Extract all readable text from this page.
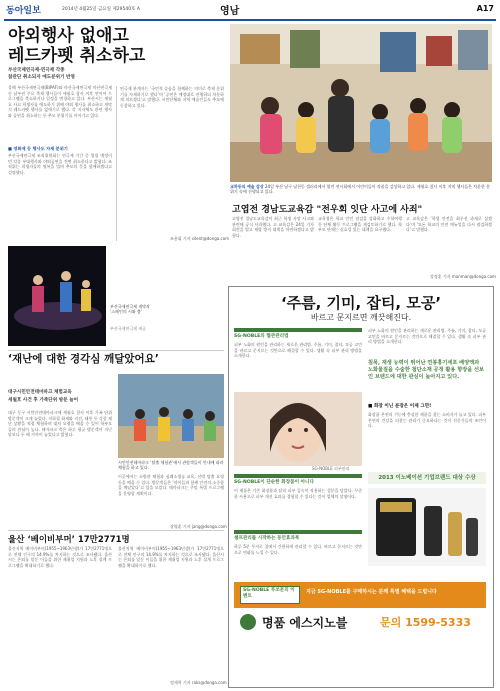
동아일보	2014년 4월25일 금요일 제29540호 A	영남	A17
야외행사 없애고
레드카펫 취소하고
부산국제연극제·연극제 각종
참관단 취소되자 애도분위기 반영
올해 부산국제연극제(BIPAF)와 마산국제연극제 마산연극제 등 남부권 주요 축제 행사들이 세월호 참사 이후 연이어 프로그램을 축소하거나 일정을 변경하고 있다. 부산시는 세월호 사고 희생자를 애도하기 위해 야외 행사를 취소하고 개막식 레드카펫 행사를 없애기로 했다. 각 지자체도 관련 행사와 공연을 취소하는 등 추모 분위기를 이어가고 있다.
■ 영화제 등 행사도 자제 분위기
부산국제연극제 조직위원회는 연극제 기간 중 열릴 예정이던 각종 부대행사와 야외공연을 전면 취소한다고 밝혔다. 조직위는 희생자들의 명복을 빌며 추모의 뜻을 함께하겠다고 설명했다.
연극제 관계자는 ‘국민적 슬픔을 함께하는 의미로 축제 분위기를 자제하기로 했다’며 ‘공연은 예정대로 진행하되 차분하게 치르겠다’고 말했다. 시민단체와 지역 예술인들도 추모에 동참하고 있다.
조용휘 기자 silent@donga.com
교하동의 예술 감상 24일 부산 남구 남천동 갤러리에서 열린 전시회에서 어린이들이 작품을 감상하고 있다. 세월호 참사 이후 지역 행사들은 차분한 분위기 속에 진행되고 있다.
고엽전 경남도교육감 "전우회 잇단 사고에 사죄"
고영진 경남도교육감이 최근 학생 사망 사고와 관련해 공식 사과했다. 고 교육감은 24일 기자회견을 열고 재발 방지 대책을 마련하겠다고 밝혔다.
교육청은 학교 안전 점검을 강화하고 수학여행 등 단체 활동 프로그램을 재검토하기로 했다. 학부모 단체는 실효성 있는 대책을 요구했다.
고 교육감은 ‘학생 안전을 최우선 과제로 삼겠다’며 ‘모든 학교의 안전 매뉴얼을 다시 점검하겠다’고 말했다.
강정훈 기자 manman@donga.com
부산국제연극제 개막작 ‘스페인의 시와 춤’
부산국제연극제 제공
‘재난에 대한 경각심 깨달았어요’
대구시민안전테마파크 체험교육
세월호 사건 후 가족단위 방문 늘어
대구 동구 시민안전테마파크에 세월호 참사 이후 가족 단위 방문객이 크게 늘었다. 지하철 화재와 지진, 태풍 등 각종 재난 상황을 직접 체험하며 대처 요령을 배울 수 있어 학부모들의 관심이 높다. 테마파크 측은 하루 평균 방문객이 지난달보다 두 배 가까이 늘었다고 밝혔다.
시민안전테마파크 ‘탈출 체험관’에서 관람객들이 안내에 따라 체험을 하고 있다.
이곳에서는 소방관 체험과 심폐소생술 교육, 선박 탈출 요령 등을 배울 수 있다. 방문객들은 ‘아이들과 함께 안전의 소중함을 깨달았다’고 입을 모았다. 테마파크는 주말 특별 프로그램을 운영할 계획이다.
장영훈 기자 jang@donga.com
울산 ‘베이비부머’ 17만2771명
울산지역 베이비부머(1955∼1963년생)가 17만2771명으로 전체 인구의 14.9%를 차지하는 것으로 조사됐다. 울산시는 은퇴를 앞둔 이들을 위한 재취업 지원과 노후 설계 프로그램을 확대하기로 했다.
울산지역 베이비부머(1955∼1963년생)가 17만2771명으로 전체 인구의 14.9%를 차지하는 것으로 조사됐다. 울산시는 은퇴를 앞둔 이들을 위한 재취업 지원과 노후 설계 프로그램을 확대하기로 했다.
정재락 기자 raks@donga.com
‘주름, 기미, 잡티, 모공’
바르고 문지르면 깨끗해진다.
SG-NOBLE의 혈관관리법
피부 노화의 원인을 관리하는 새로운 관리법. 주름, 기미, 잡티, 모공 고민을 바르고 문지르는 것만으로 해결할 수 있다. 생활 속 피부 관리 방법을 소개한다.
SG-NOBLE 피부관리
SG-NOBLE이 단순한 화장품이 아니다
이 제품은 기존 화장품과 달리 피부 깊숙이 작용하는 성분을 담았다. 꾸준한 사용으로 피부 개선 효과를 경험할 수 있다는 것이 업체의 설명이다.
셀프관리를 시작하는 동안효과복
하루 5분 투자로 집에서 간편하게 관리할 수 있다. 바르고 문지르는 것만으로 변화를 느낄 수 있다.
피부 노화의 원인을 관리하는 새로운 관리법. 주름, 기미, 잡티, 모공 고민을 바르고 문지르는 것만으로 해결할 수 있다. 생활 속 피부 관리 방법을 소개한다.
침묵, 재생 능력이 뛰어난 연봉홍기세포 배양액과 노화물질을 수술한 첨단소재 공정 활용 향장을 선보인 브랜드에 대한 관심이 높아지고 있다.
■ 화장 이닌 분장은 이제 그만!
화장품 본연의 기능에 충실한 제품을 찾는 소비자가 늘고 있다. 피부 본연의 건강을 되찾는 관리가 중요하다는 것이 전문가들의 조언이다.
2013 이노베이션 기업브랜드 대상 수상
SG-NOBLE 루쏘문의 이벤트
지금 SG-NOBLE를 구매하시는 분께 특별 혜택을 드립니다
명품 에스지노블	문의 1599-5333
